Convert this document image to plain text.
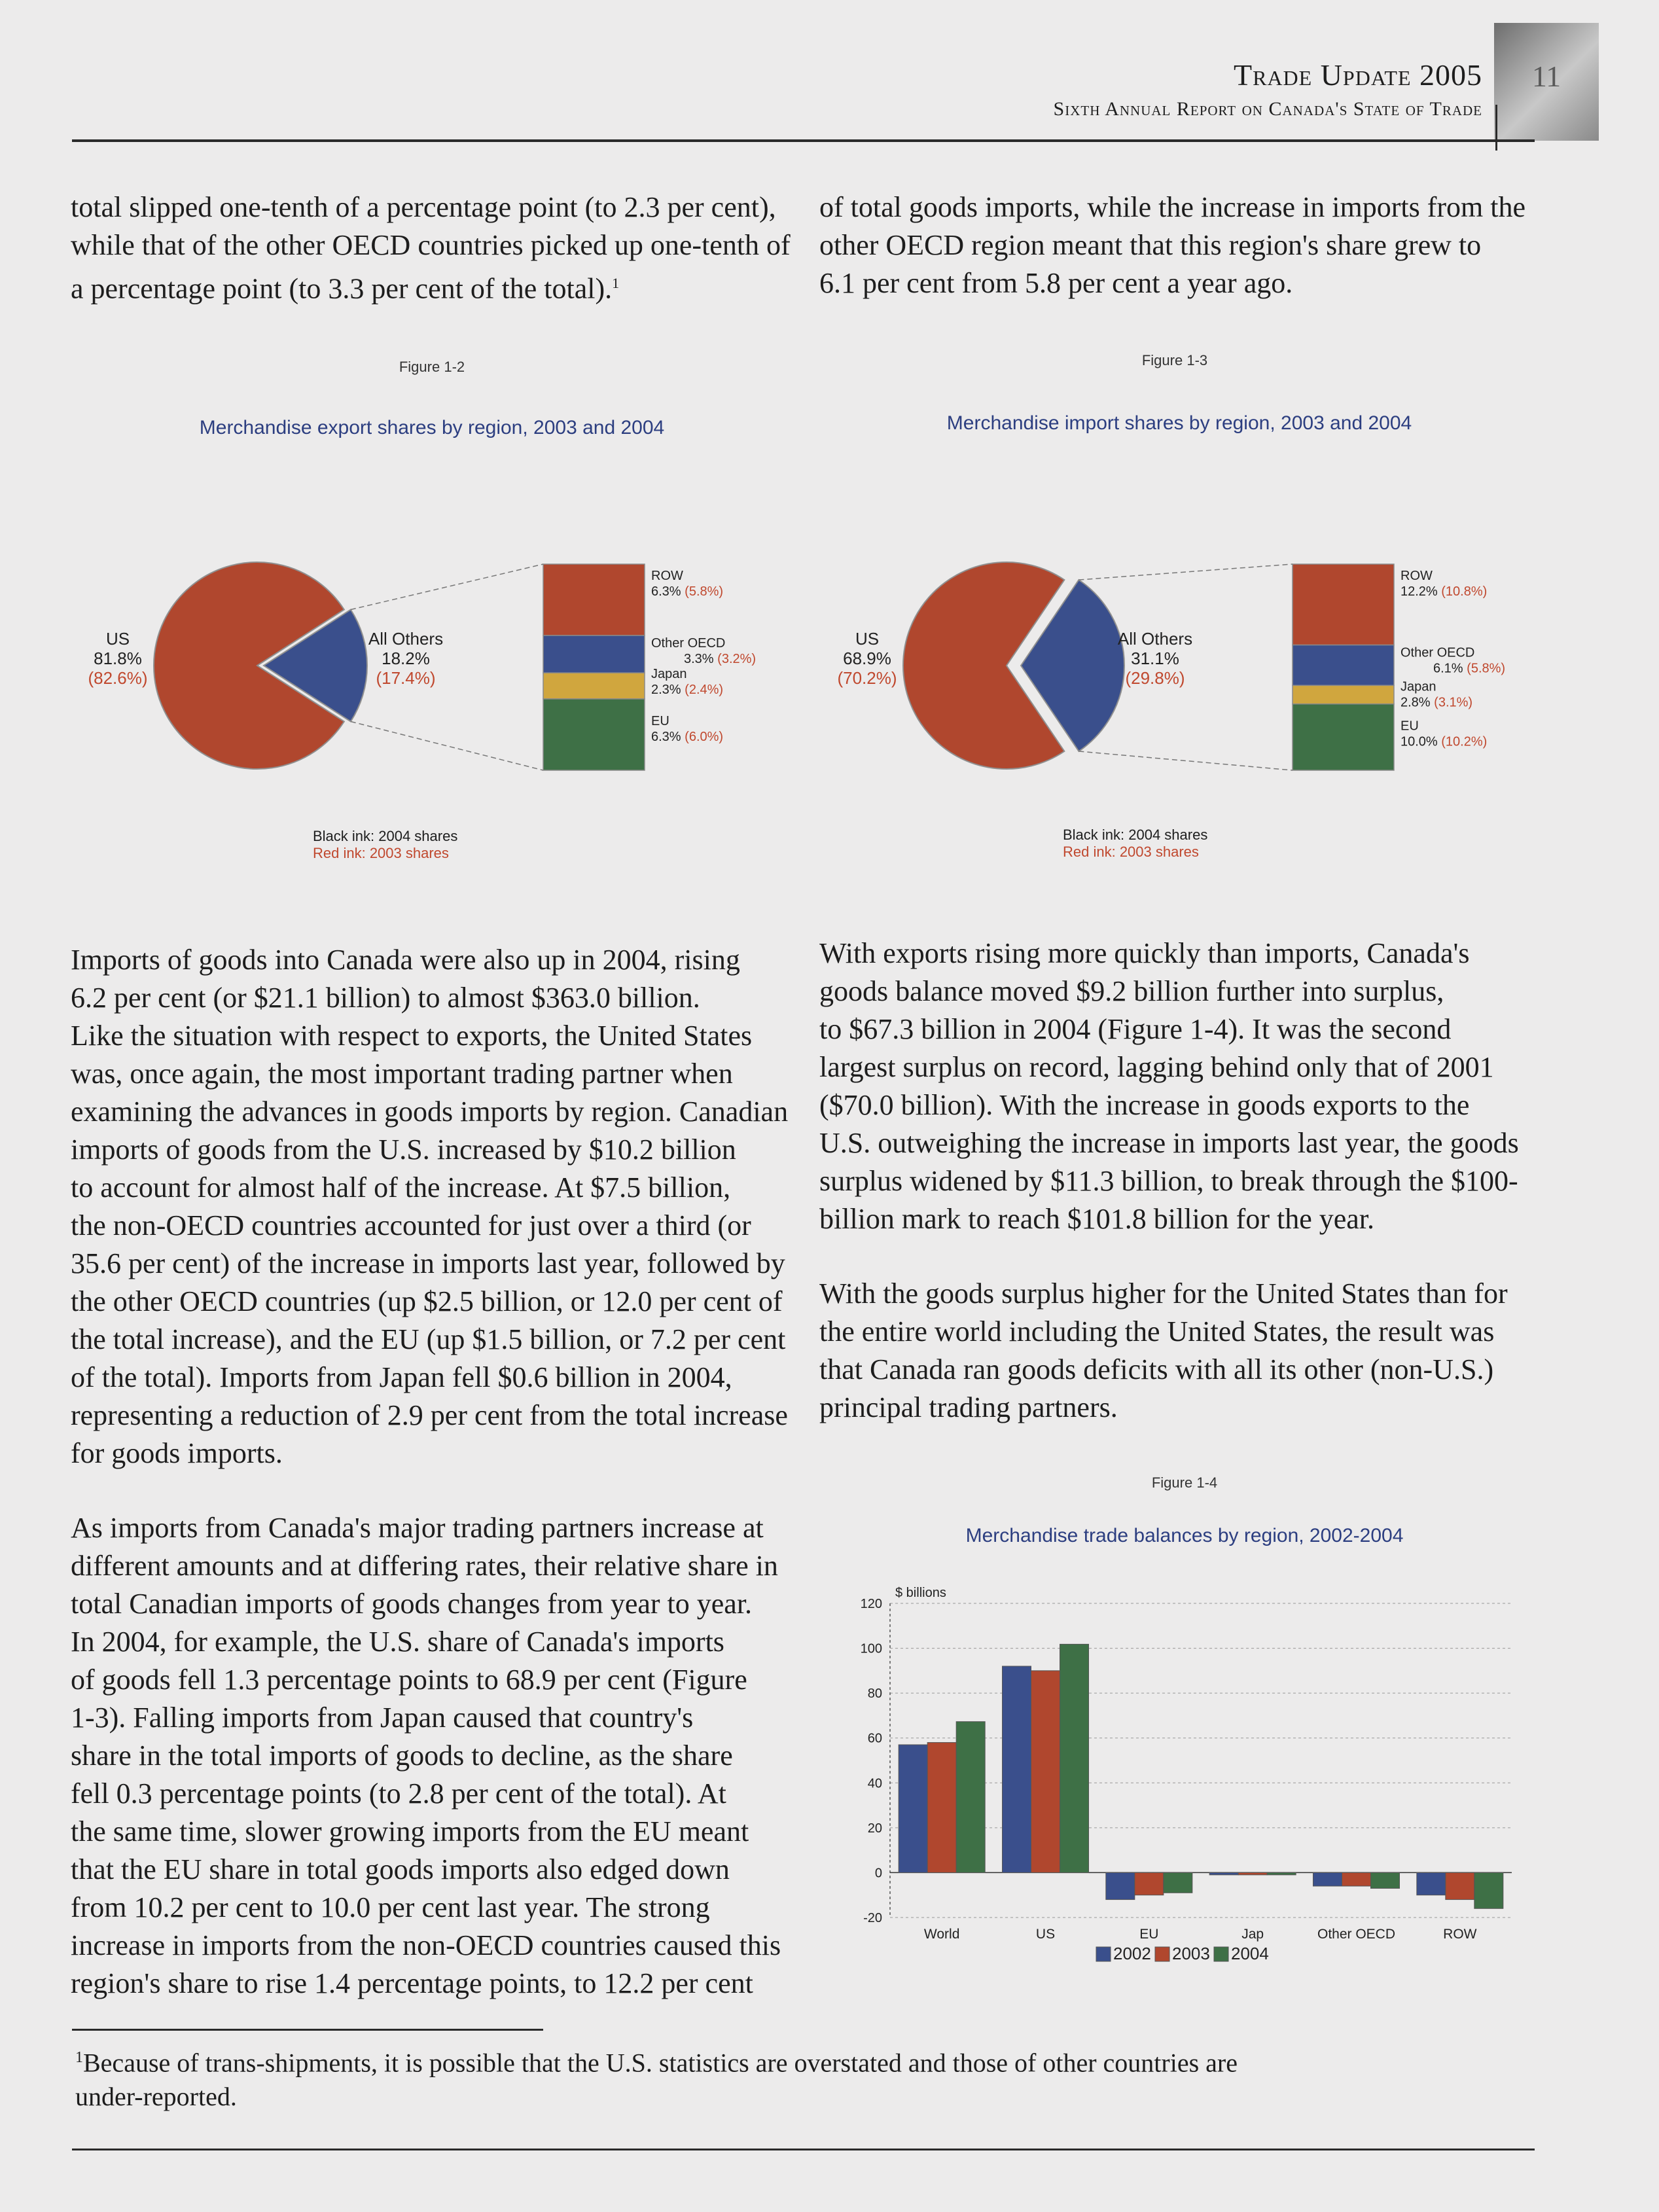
11
Trade Update 2005
Sixth Annual Report on Canada's State of Trade
total slipped one-tenth of a percentage point (to 2.3 per cent),
while that of the other OECD countries picked up one-tenth of
a percentage point (to 3.3 per cent of the total).$^1$
of total goods imports, while the increase in imports from the
other OECD region meant that this region's share grew to
6.1 per cent from 5.8 per cent a year ago.
Figure 1-2
Merchandise export shares by region, 2003 and 2004
US
81.8%
(82.6%)
All Others
18.2%
(17.4%)
ROW
6.3% (5.8%)
Other OECD
3.3% (3.2%)
Japan
2.3% (2.4%)
EU
6.3% (6.0%)
Black ink: 2004 shares
Red ink: 2003 shares
Figure 1-3
Merchandise import shares by region, 2003 and 2004
US
68.9%
(70.2%)
All Others
31.1%
(29.8%)
ROW
12.2% (10.8%)
Other OECD
6.1% (5.8%)
Japan
2.8% (3.1%)
EU
10.0% (10.2%)
Black ink: 2004 shares
Red ink: 2003 shares
Imports of goods into Canada were also up in 2004, rising
6.2 per cent (or $21.1 billion) to almost $363.0 billion.
Like the situation with respect to exports, the United States
was, once again, the most important trading partner when
examining the advances in goods imports by region. Canadian
imports of goods from the U.S. increased by $10.2 billion
to account for almost half of the increase. At $7.5 billion,
the non-OECD countries accounted for just over a third (or
35.6 per cent) of the increase in imports last year, followed by
the other OECD countries (up $2.5 billion, or 12.0 per cent of
the total increase), and the EU (up $1.5 billion, or 7.2 per cent
of the total). Imports from Japan fell $0.6 billion in 2004,
representing a reduction of 2.9 per cent from the total increase
for goods imports.
As imports from Canada's major trading partners increase at
different amounts and at differing rates, their relative share in
total Canadian imports of goods changes from year to year.
In 2004, for example, the U.S. share of Canada's imports
of goods fell 1.3 percentage points to 68.9 per cent (Figure
1-3). Falling imports from Japan caused that country's
share in the total imports of goods to decline, as the share
fell 0.3 percentage points (to 2.8 per cent of the total). At
the same time, slower growing imports from the EU meant
that the EU share in total goods imports also edged down
from 10.2 per cent to 10.0 per cent last year. The strong
increase in imports from the non-OECD countries caused this
region's share to rise 1.4 percentage points, to 12.2 per cent
With exports rising more quickly than imports, Canada's
goods balance moved $9.2 billion further into surplus,
to $67.3 billion in 2004 (Figure 1-4). It was the second
largest surplus on record, lagging behind only that of 2001
($70.0 billion). With the increase in goods exports to the
U.S. outweighing the increase in imports last year, the goods
surplus widened by $11.3 billion, to break through the $100-
billion mark to reach $101.8 billion for the year.
With the goods surplus higher for the United States than for
the entire world including the United States, the result was
that Canada ran goods deficits with all its other (non-U.S.)
principal trading partners.
Figure 1-4
Merchandise trade balances by region, 2002-2004
$ billions
120
100
80
60
40
20
0
-20
World	US	EU	Jap	Other OECD	ROW
2002 2003 2004
$^1$Because of trans-shipments, it is possible that the U.S. statistics are overstated and those of other countries are
under-reported.
